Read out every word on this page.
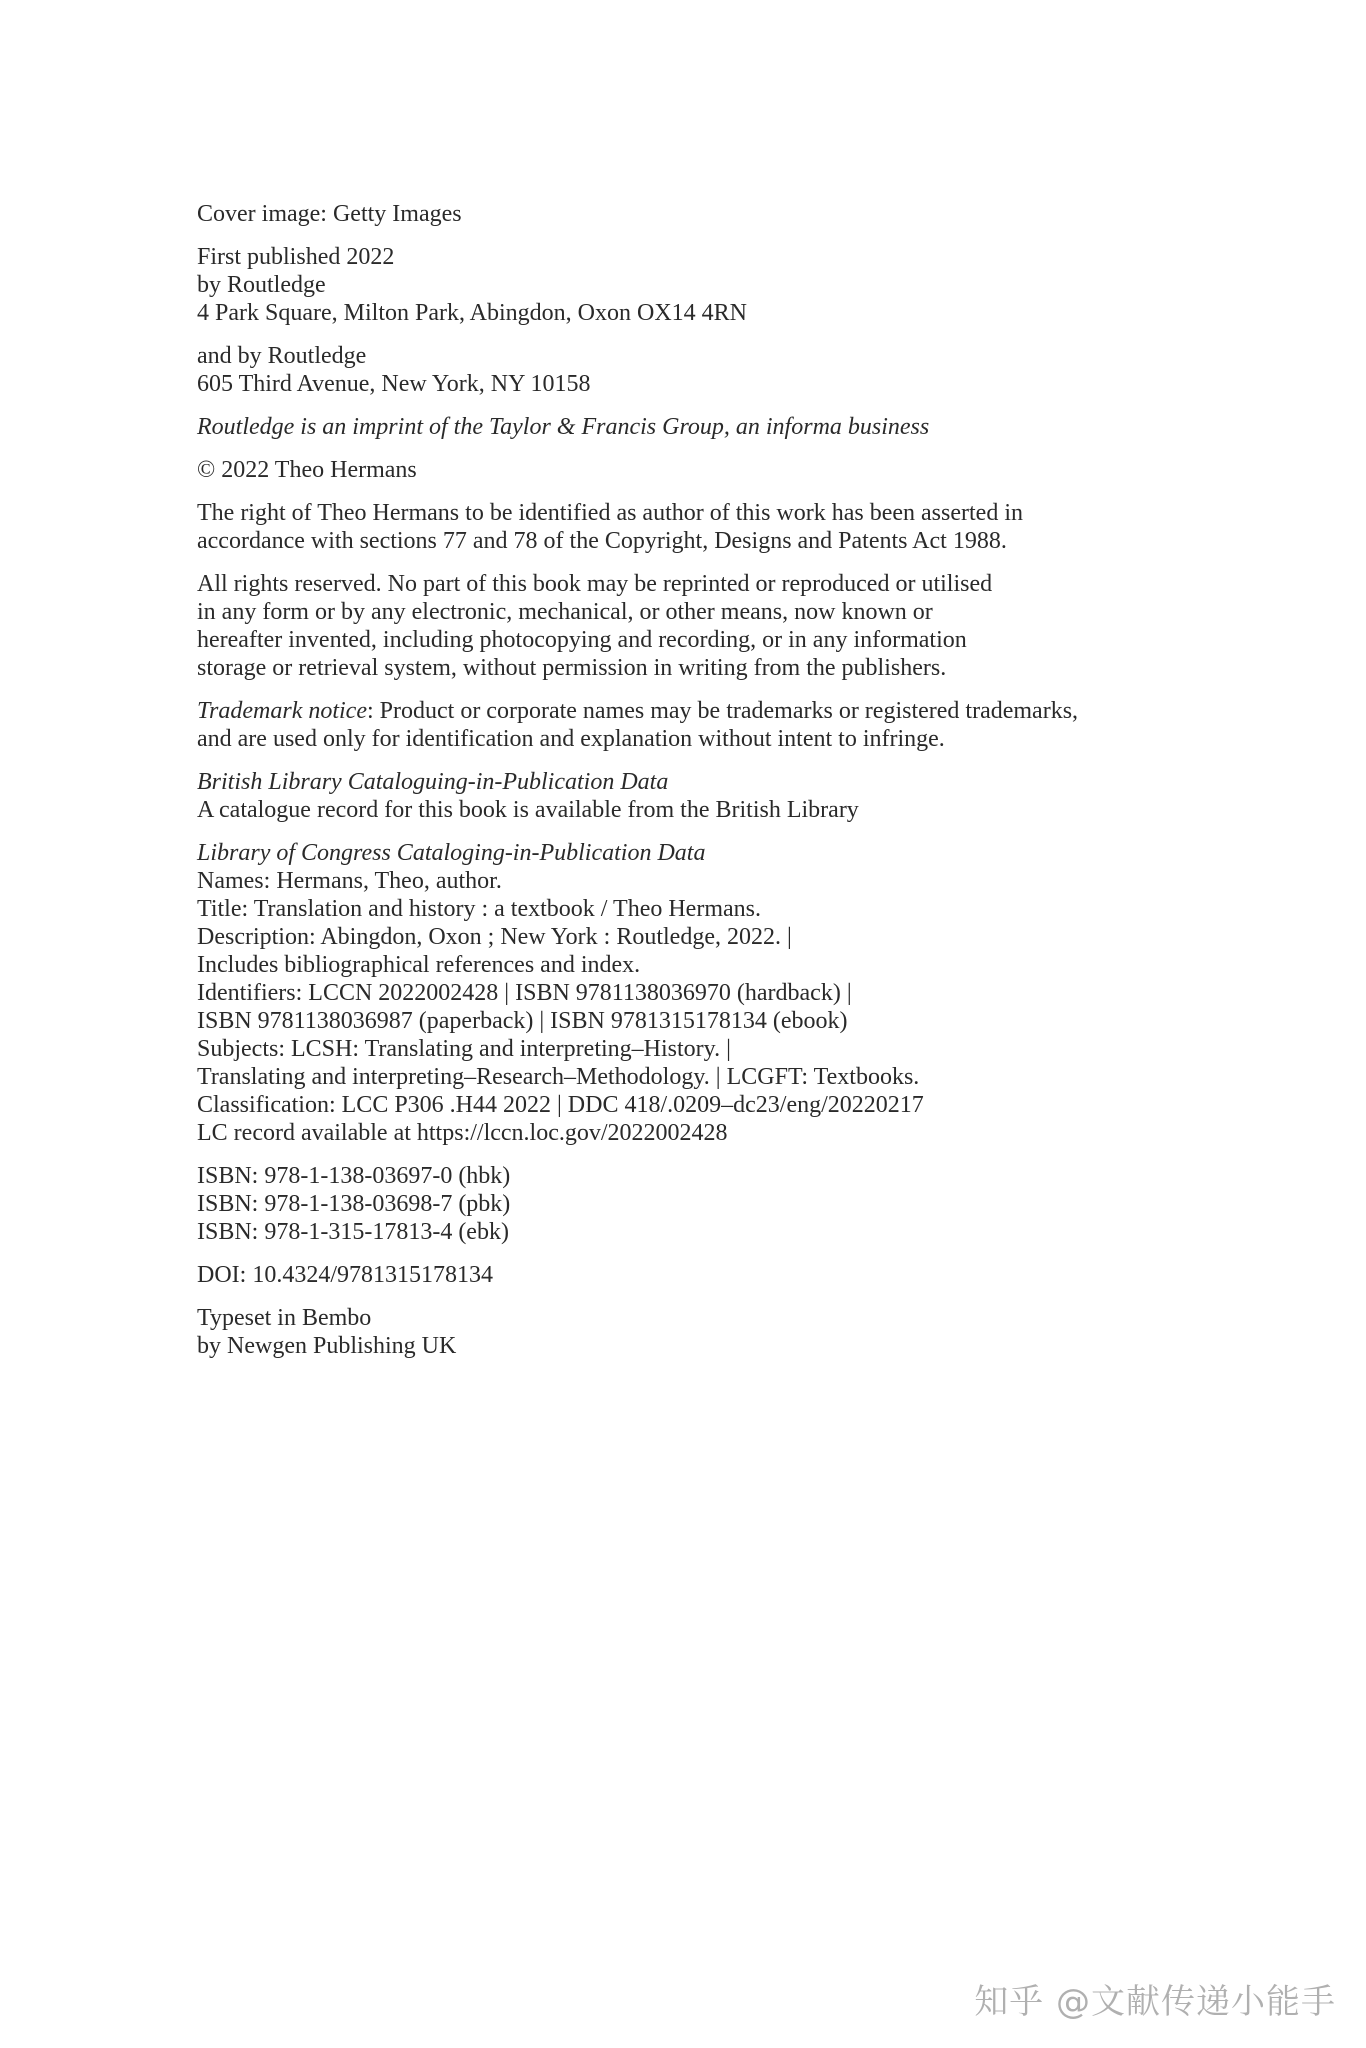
Cover image: Getty Images

First published 2022
by Routledge
4 Park Square, Milton Park, Abingdon, Oxon OX14 4RN

and by Routledge
605 Third Avenue, New York, NY 10158

Routledge is an imprint of the Taylor & Francis Group, an informa business

© 2022 Theo Hermans

The right of Theo Hermans to be identified as author of this work has been asserted in
accordance with sections 77 and 78 of the Copyright, Designs and Patents Act 1988.

All rights reserved. No part of this book may be reprinted or reproduced or utilised
in any form or by any electronic, mechanical, or other means, now known or
hereafter invented, including photocopying and recording, or in any information
storage or retrieval system, without permission in writing from the publishers.

Trademark notice: Product or corporate names may be trademarks or registered trademarks,
and are used only for identification and explanation without intent to infringe.

British Library Cataloguing-in-Publication Data
A catalogue record for this book is available from the British Library

Library of Congress Cataloging-in-Publication Data
Names: Hermans, Theo, author.
Title: Translation and history : a textbook / Theo Hermans.
Description: Abingdon, Oxon ; New York : Routledge, 2022. |
Includes bibliographical references and index.
Identifiers: LCCN 2022002428 | ISBN 9781138036970 (hardback) |
ISBN 9781138036987 (paperback) | ISBN 9781315178134 (ebook)
Subjects: LCSH: Translating and interpreting–History. |
Translating and interpreting–Research–Methodology. | LCGFT: Textbooks.
Classification: LCC P306 .H44 2022 | DDC 418/.0209–dc23/eng/20220217
LC record available at https://lccn.loc.gov/2022002428

ISBN: 978-1-138-03697-0 (hbk)
ISBN: 978-1-138-03698-7 (pbk)
ISBN: 978-1-315-17813-4 (ebk)

DOI: 10.4324/9781315178134

Typeset in Bembo
by Newgen Publishing UK

知乎 @文献传递小能手
